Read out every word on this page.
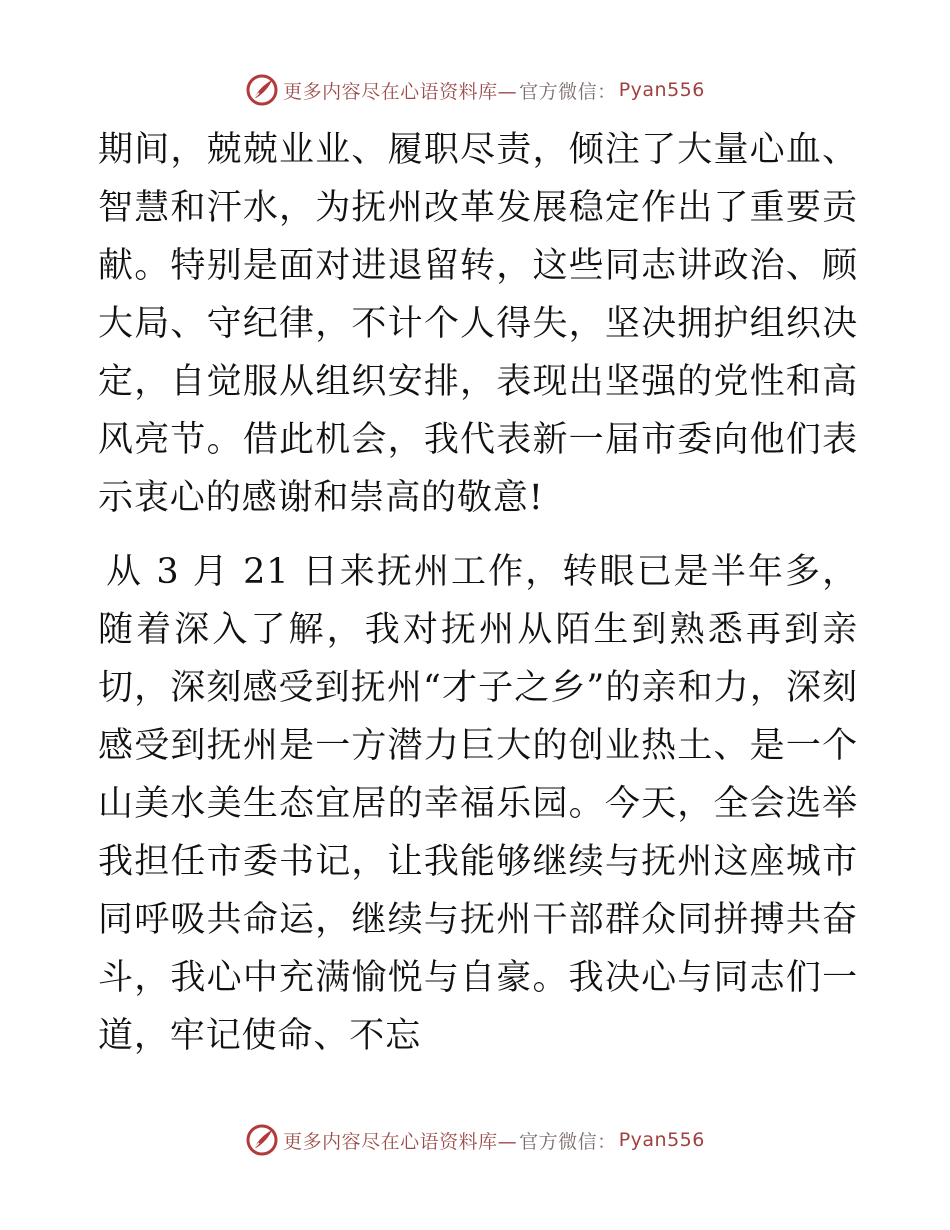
更多内容尽在心语资料库— 官方微信： Pyan556

期间，兢兢业业、履职尽责，倾注了大量心血、智慧和汗水，为抚州改革发展稳定作出了重要贡献。特别是面对进退留转，这些同志讲政治、顾大局、守纪律，不计个人得失，坚决拥护组织决定，自觉服从组织安排，表现出坚强的党性和高风亮节。借此机会，我代表新一届市委向他们表示衷心的感谢和崇高的敬意!

从 3 月 21 日来抚州工作，转眼已是半年多，随着深入了解，我对抚州从陌生到熟悉再到亲切，深刻感受到抚州“才子之乡”的亲和力，深刻感受到抚州是一方潜力巨大的创业热土、是一个山美水美生态宜居的幸福乐园。今天，全会选举我担任市委书记，让我能够继续与抚州这座城市同呼吸共命运，继续与抚州干部群众同拼搏共奋斗，我心中充满愉悦与自豪。我决心与同志们一道，牢记使命、不忘

更多内容尽在心语资料库— 官方微信： Pyan556
